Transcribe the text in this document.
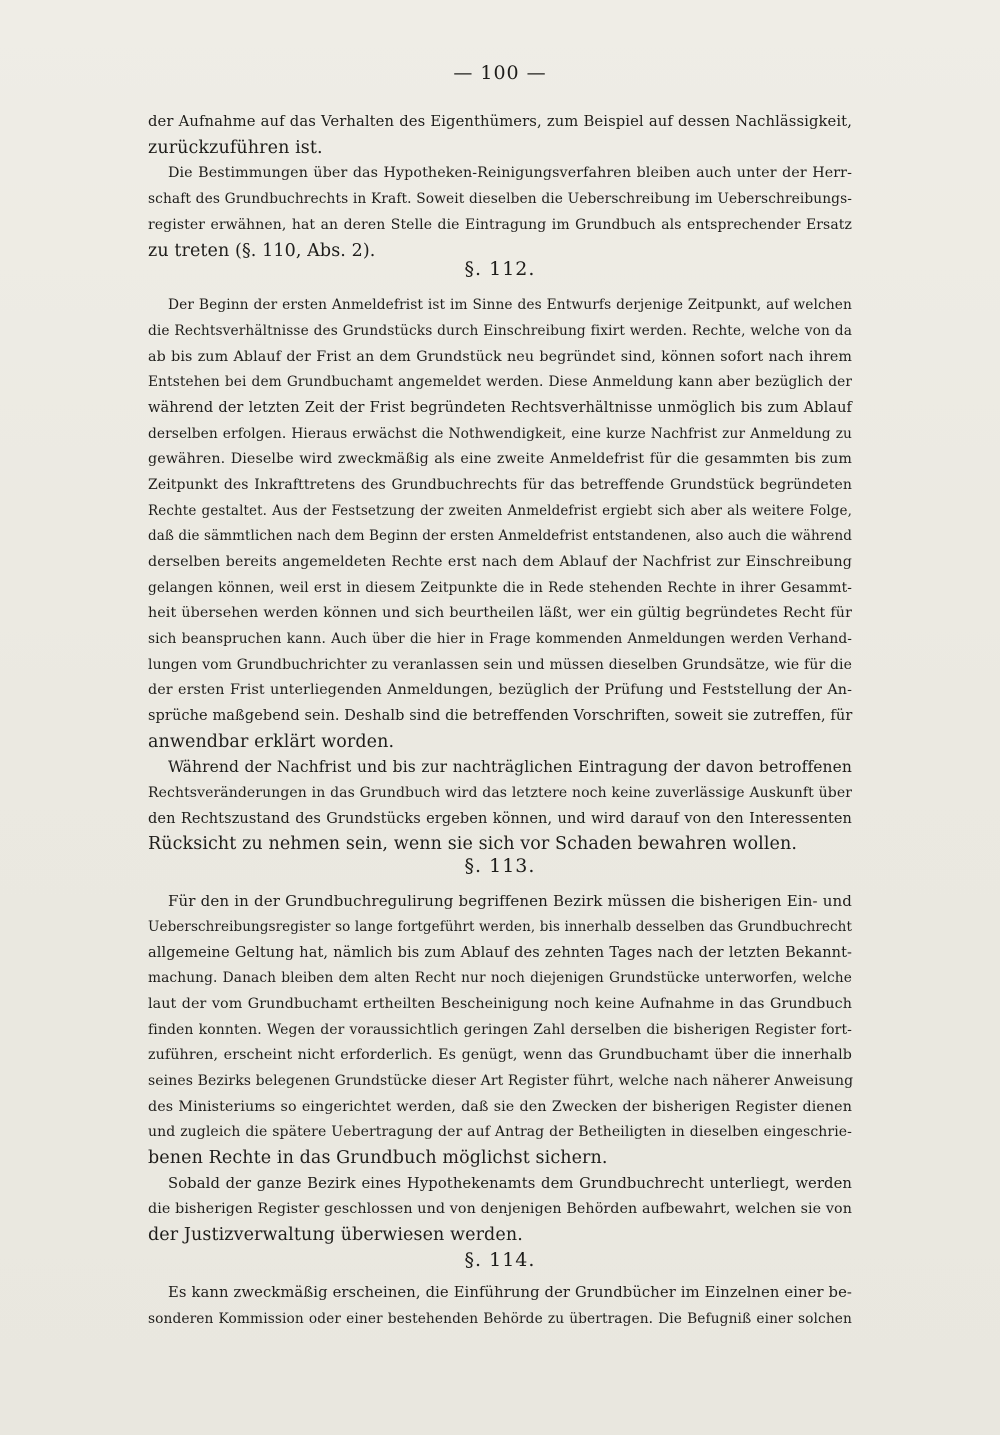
— 100 —
der Aufnahme auf das Verhalten des Eigenthümers, zum Beispiel auf dessen Nachlässigkeit,
zurückzuführen ist.
Die Bestimmungen über das Hypotheken-Reinigungsverfahren bleiben auch unter der Herr-
schaft des Grundbuchrechts in Kraft. Soweit dieselben die Ueberschreibung im Ueberschreibungs-
register erwähnen, hat an deren Stelle die Eintragung im Grundbuch als entsprechender Ersatz
zu treten (§. 110, Abs. 2).
§. 112.
Der Beginn der ersten Anmeldefrist ist im Sinne des Entwurfs derjenige Zeitpunkt, auf welchen
die Rechtsverhältnisse des Grundstücks durch Einschreibung fixirt werden. Rechte, welche von da
ab bis zum Ablauf der Frist an dem Grundstück neu begründet sind, können sofort nach ihrem
Entstehen bei dem Grundbuchamt angemeldet werden. Diese Anmeldung kann aber bezüglich der
während der letzten Zeit der Frist begründeten Rechtsverhältnisse unmöglich bis zum Ablauf
derselben erfolgen. Hieraus erwächst die Nothwendigkeit, eine kurze Nachfrist zur Anmeldung zu
gewähren. Dieselbe wird zweckmäßig als eine zweite Anmeldefrist für die gesammten bis zum
Zeitpunkt des Inkrafttretens des Grundbuchrechts für das betreffende Grundstück begründeten
Rechte gestaltet. Aus der Festsetzung der zweiten Anmeldefrist ergiebt sich aber als weitere Folge,
daß die sämmtlichen nach dem Beginn der ersten Anmeldefrist entstandenen, also auch die während
derselben bereits angemeldeten Rechte erst nach dem Ablauf der Nachfrist zur Einschreibung
gelangen können, weil erst in diesem Zeitpunkte die in Rede stehenden Rechte in ihrer Gesammt-
heit übersehen werden können und sich beurtheilen läßt, wer ein gültig begründetes Recht für
sich beanspruchen kann. Auch über die hier in Frage kommenden Anmeldungen werden Verhand-
lungen vom Grundbuchrichter zu veranlassen sein und müssen dieselben Grundsätze, wie für die
der ersten Frist unterliegenden Anmeldungen, bezüglich der Prüfung und Feststellung der An-
sprüche maßgebend sein. Deshalb sind die betreffenden Vorschriften, soweit sie zutreffen, für
anwendbar erklärt worden.
Während der Nachfrist und bis zur nachträglichen Eintragung der davon betroffenen
Rechtsveränderungen in das Grundbuch wird das letztere noch keine zuverlässige Auskunft über
den Rechtszustand des Grundstücks ergeben können, und wird darauf von den Interessenten
Rücksicht zu nehmen sein, wenn sie sich vor Schaden bewahren wollen.
§. 113.
Für den in der Grundbuchregulirung begriffenen Bezirk müssen die bisherigen Ein- und
Ueberschreibungsregister so lange fortgeführt werden, bis innerhalb desselben das Grundbuchrecht
allgemeine Geltung hat, nämlich bis zum Ablauf des zehnten Tages nach der letzten Bekannt-
machung. Danach bleiben dem alten Recht nur noch diejenigen Grundstücke unterworfen, welche
laut der vom Grundbuchamt ertheilten Bescheinigung noch keine Aufnahme in das Grundbuch
finden konnten. Wegen der voraussichtlich geringen Zahl derselben die bisherigen Register fort-
zuführen, erscheint nicht erforderlich. Es genügt, wenn das Grundbuchamt über die innerhalb
seines Bezirks belegenen Grundstücke dieser Art Register führt, welche nach näherer Anweisung
des Ministeriums so eingerichtet werden, daß sie den Zwecken der bisherigen Register dienen
und zugleich die spätere Uebertragung der auf Antrag der Betheiligten in dieselben eingeschrie-
benen Rechte in das Grundbuch möglichst sichern.
Sobald der ganze Bezirk eines Hypothekenamts dem Grundbuchrecht unterliegt, werden
die bisherigen Register geschlossen und von denjenigen Behörden aufbewahrt, welchen sie von
der Justizverwaltung überwiesen werden.
§. 114.
Es kann zweckmäßig erscheinen, die Einführung der Grundbücher im Einzelnen einer be-
sonderen Kommission oder einer bestehenden Behörde zu übertragen. Die Befugniß einer solchen
